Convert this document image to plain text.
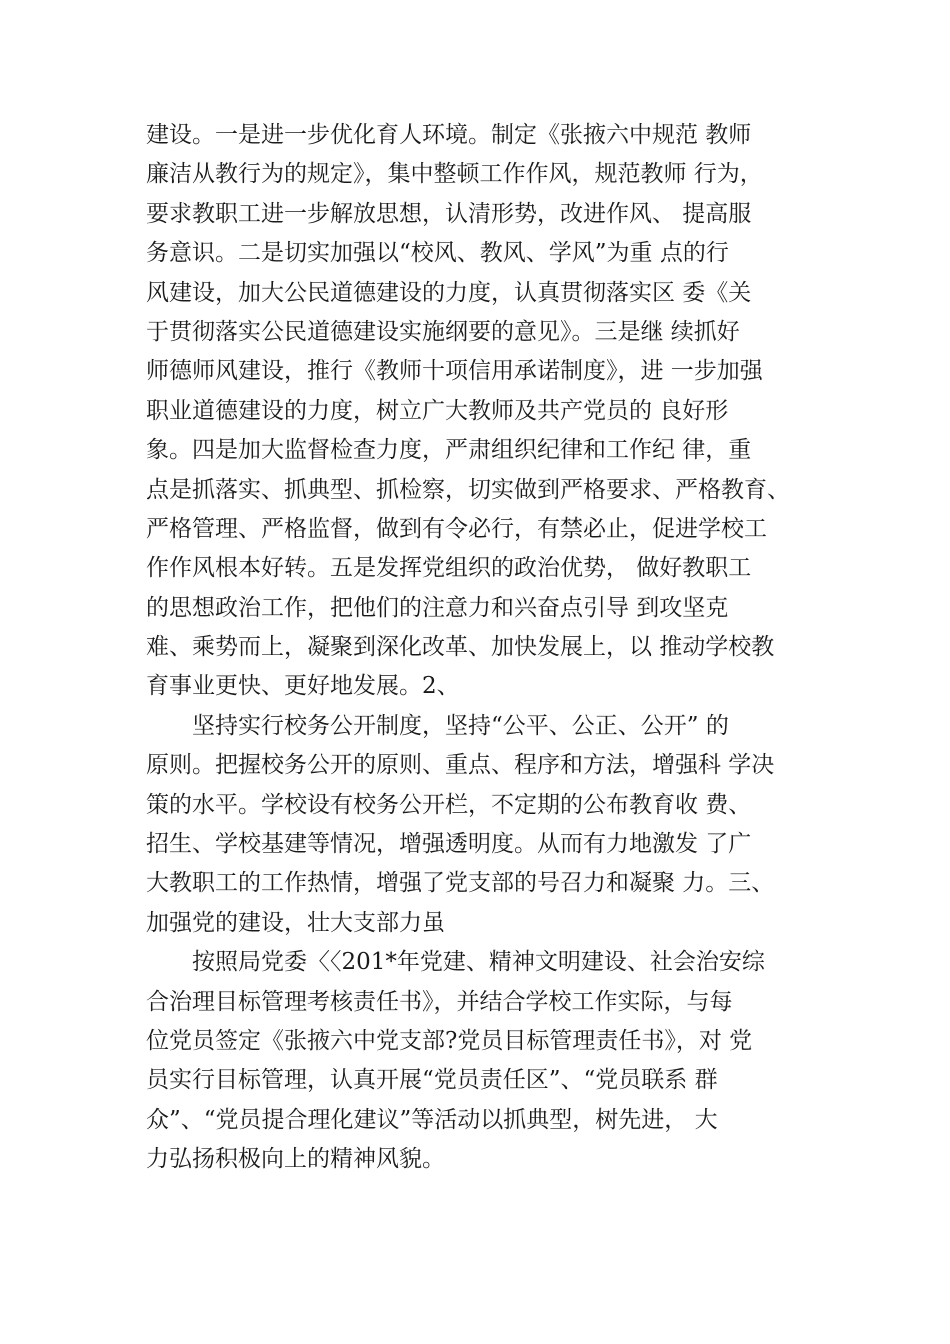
建设。一是进一步优化育人环境。制定《张掖六中规范 教师

廉洁从教行为的规定》，集中整顿工作作风，规范教师 行为，

要求教职工进一步解放思想，认清形势，改进作风、 提高服

务意识。二是切实加强以“校风、教风、学风”为重 点的行

风建设，加大公民道德建设的力度，认真贯彻落实区 委《关

于贯彻落实公民道德建设实施纲要的意见》。三是继 续抓好

师德师风建设，推行《教师十项信用承诺制度》，进 一步加强

职业道德建设的力度，树立广大教师及共产党员的 良好形

象。四是加大监督检查力度，严肃组织纪律和工作纪 律，重

点是抓落实、抓典型、抓检察，切实做到严格要求、严格教育、

严格管理、严格监督，做到有令必行，有禁必止，促进学校工

作作风根本好转。五是发挥党组织的政治优势， 做好教职工

的思想政治工作，把他们的注意力和兴奋点引导 到攻坚克

难、乘势而上，凝聚到深化改革、加快发展上，以 推动学校教

育事业更快、更好地发展。2、

坚持实行校务公开制度，坚持“公平、公正、公开” 的

原则。把握校务公开的原则、重点、程序和方法，增强科 学决

策的水平。学校设有校务公开栏，不定期的公布教育收 费、

招生、学校基建等情况，增强透明度。从而有力地激发 了广

大教职工的工作热情，增强了党支部的号召力和凝聚 力。三、

加强党的建设，壮大支部力虽

按照局党委〈〈201*年党建、精神文明建设、社会治安综

合治理目标管理考核责任书》，并结合学校工作实际，与每

位党员签定《张掖六中党支部?党员目标管理责任书》，对 党

员实行目标管理，认真开展“党员责任区”、“党员联系 群

众”、“党员提合理化建议”等活动以抓典型，树先进， 大

力弘扬积极向上的精神风貌。
